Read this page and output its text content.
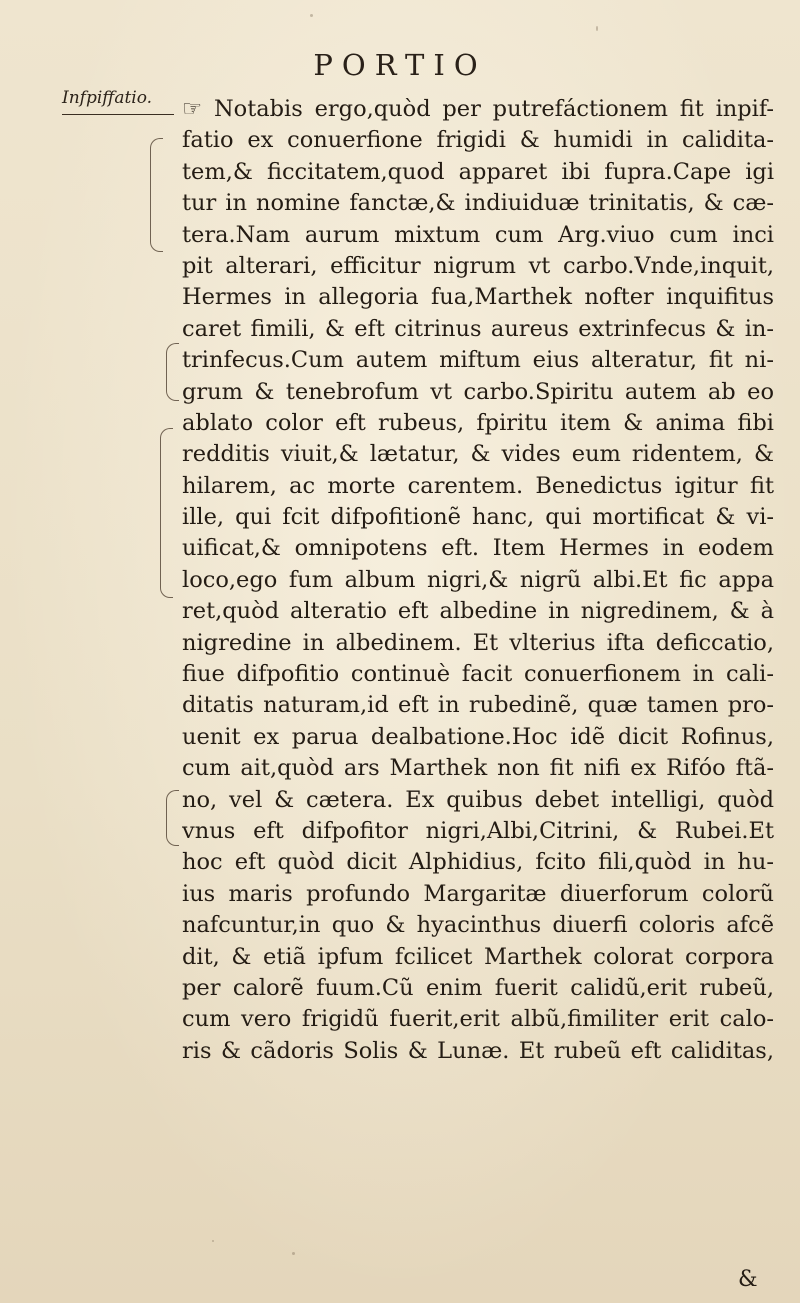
PORTIO
Infpiffatio. ☞ Notabis ergo,quòd per putrefáctionem fit inpif-
fatio ex conuerfione frigidi & humidi in calidita-
tem,& ficcitatem,quod apparet ibi fupra.Cape igi
tur in nomine fanctæ,& indiuiduæ trinitatis, & cæ-
tera.Nam aurum mixtum cum Arg.viuo cum inci
pit alterari, efficitur nigrum vt carbo.Vnde,inquit,
Hermes in allegoria fua,Marthek nofter inquifitus
caret fimili, & eft citrinus aureus extrinfecus & in-
trinfecus.Cum autem miftum eius alteratur, fit ni-
grum & tenebrofum vt carbo.Spiritu autem ab eo
ablato color eft rubeus, fpiritu item & anima fibi
redditis viuit,& lætatur, & vides eum ridentem, &
hilarem, ac morte carentem. Benedictus igitur fit
ille, qui fcit difpofitionẽ hanc, qui mortificat & vi-
uificat,& omnipotens eft. Item Hermes in eodem
loco,ego fum album nigri,& nigrũ albi.Et fic appa
ret,quòd alteratio eft albedine in nigredinem, & à
nigredine in albedinem. Et vlterius ifta deficcatio,
fiue difpofitio continuè facit conuerfionem in cali-
ditatis naturam,id eft in rubedinẽ, quæ tamen pro-
uenit ex parua dealbatione.Hoc idẽ dicit Rofinus,
cum ait,quòd ars Marthek non fit nifi ex Rifóo ftã-
no, vel & cætera. Ex quibus debet intelligi, quòd
vnus eft difpofitor nigri,Albi,Citrini, & Rubei.Et
hoc eft quòd dicit Alphidius, fcito fili,quòd in hu-
ius maris profundo Margaritæ diuerforum colorũ
nafcuntur,in quo & hyacinthus diuerfi coloris afcẽ
dit, & etiã ipfum fcilicet Marthek colorat corpora
per calorẽ fuum.Cũ enim fuerit calidũ,erit rubeũ,
cum vero frigidũ fuerit,erit albũ,fimiliter erit calo-
ris & cãdoris Solis & Lunæ. Et rubeũ eft caliditas,
&
